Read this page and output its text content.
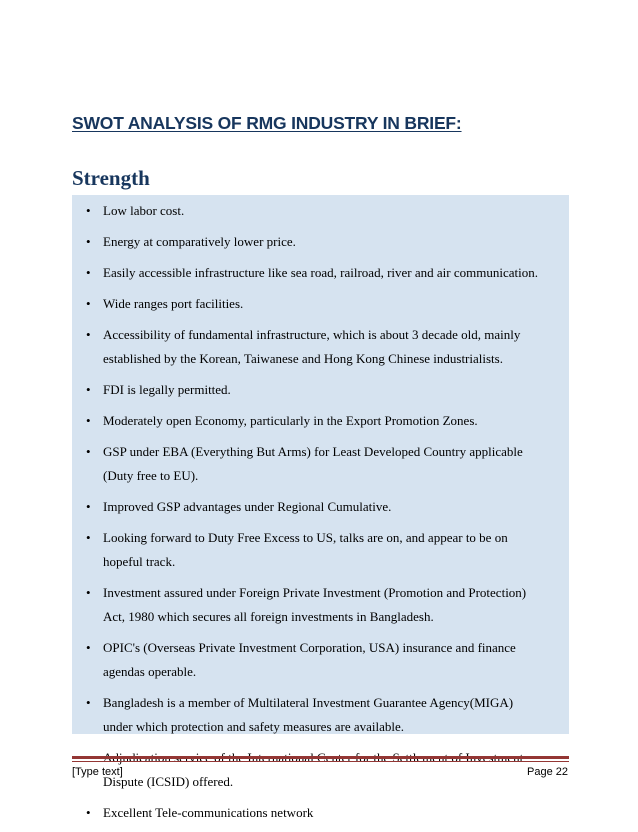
SWOT ANALYSIS OF RMG INDUSTRY IN BRIEF:
Strength
• Low labor cost.
• Energy at comparatively lower price.
• Easily accessible infrastructure like sea road, railroad, river and air communication.
• Wide ranges port facilities.
• Accessibility of fundamental infrastructure, which is about 3 decade old, mainly
established by the Korean, Taiwanese and Hong Kong Chinese industrialists.
• FDI is legally permitted.
• Moderately open Economy, particularly in the Export Promotion Zones.
• GSP under EBA (Everything But Arms) for Least Developed Country applicable
(Duty free to EU).
• Improved GSP advantages under Regional Cumulative.
• Looking forward to Duty Free Excess to US, talks are on, and appear to be on
hopeful track.
• Investment assured under Foreign Private Investment (Promotion and Protection)
Act, 1980 which secures all foreign investments in Bangladesh.
• OPIC's (Overseas Private Investment Corporation, USA) insurance and finance
agendas operable.
• Bangladesh is a member of Multilateral Investment Guarantee Agency(MIGA)
under which protection and safety measures are available.
Dispute (ICSID) offered.
• Excellent Tele-communications network
[Type text]	Page 22
